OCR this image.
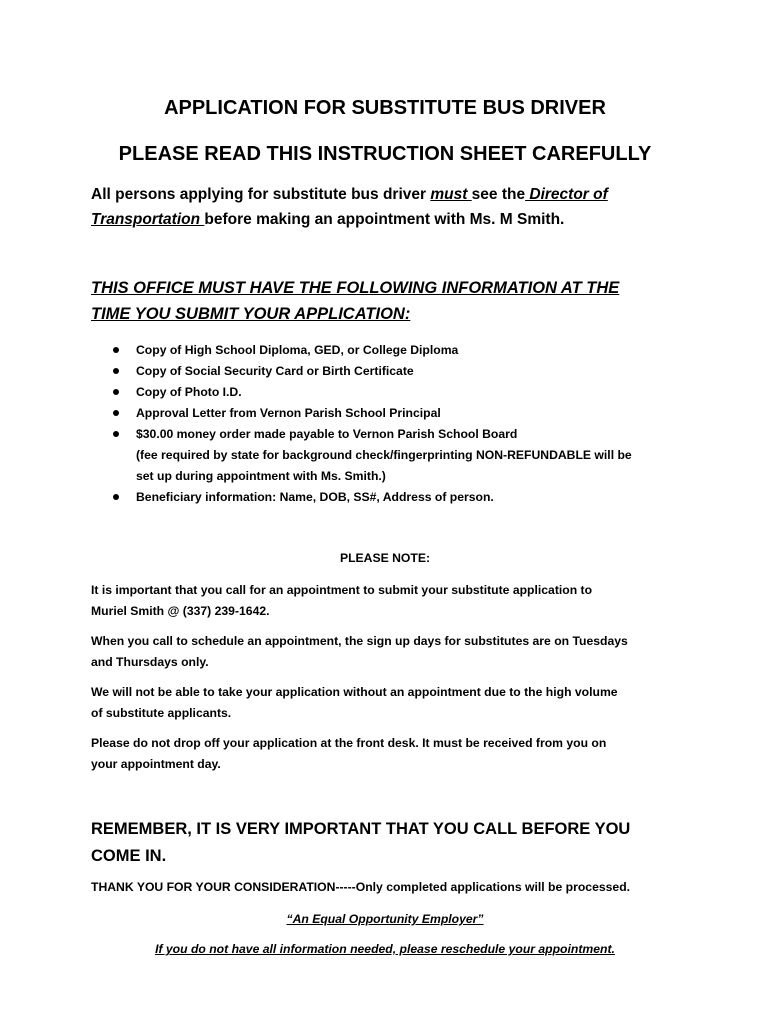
APPLICATION FOR SUBSTITUTE BUS DRIVER
PLEASE READ THIS INSTRUCTION SHEET CAREFULLY
All persons applying for substitute bus driver must see the Director of
Transportation before making an appointment with Ms. M Smith.
THIS OFFICE MUST HAVE THE FOLLOWING INFORMATION AT THE
TIME YOU SUBMIT YOUR APPLICATION:
Copy of High School Diploma, GED, or College Diploma
Copy of Social Security Card or Birth Certificate
Copy of Photo I.D.
Approval Letter from Vernon Parish School Principal
$30.00 money order made payable to Vernon Parish School Board
(fee required by state for background check/fingerprinting NON-REFUNDABLE will be
set up during appointment with Ms. Smith.)
Beneficiary information: Name, DOB, SS#, Address of person.
PLEASE NOTE:
It is important that you call for an appointment to submit your substitute application to
Muriel Smith @ (337) 239-1642.
When you call to schedule an appointment, the sign up days for substitutes are on Tuesdays
and Thursdays only.
We will not be able to take your application without an appointment due to the high volume
of substitute applicants.
Please do not drop off your application at the front desk. It must be received from you on
your appointment day.
REMEMBER, IT IS VERY IMPORTANT THAT YOU CALL BEFORE YOU
COME IN.
THANK YOU FOR YOUR CONSIDERATION-----Only completed applications will be processed.
“An Equal Opportunity Employer”
If you do not have all information needed, please reschedule your appointment.
